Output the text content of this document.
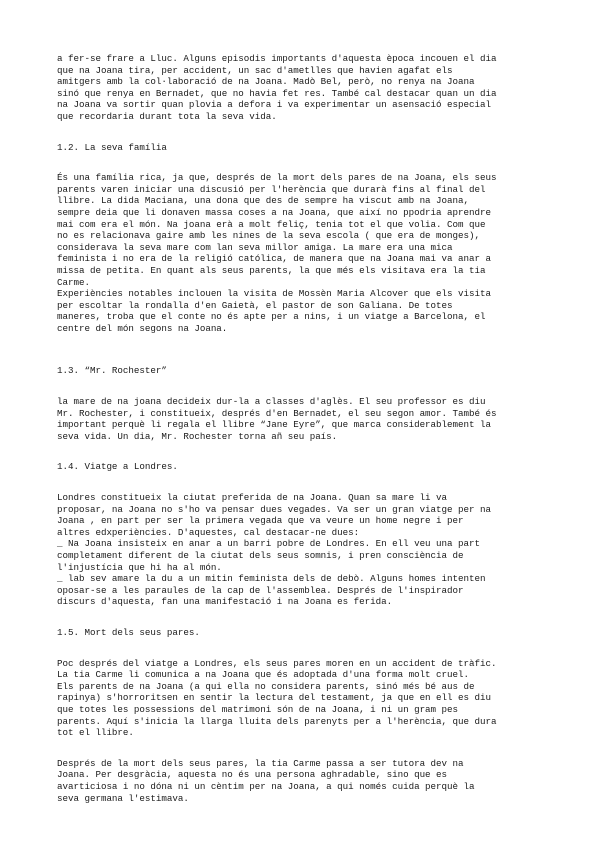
a fer-se frare a Lluc. Alguns episodis importants d'aquesta època incouen el dia
que na Joana tira, per accident, un sac d'ametlles que havien agafat els
amitgers amb la col·laboració de na Joana. Madò Bel, però, no renya na Joana
sinó que renya en Bernadet, que no havia fet res. També cal destacar quan un dia
na Joana va sortir quan plovia a defora i va experimentar un asensació especial
que recordaria durant tota la seva vida.
1.2. La seva família
És una família rica, ja que, després de la mort dels pares de na Joana, els seus
parents varen iniciar una discusió per l'herència que durarà fins al final del
llibre. La dida Maciana, una dona que des de sempre ha viscut amb na Joana,
sempre deia que li donaven massa coses a na Joana, que així no ppodria aprendre
mai com era el món. Na joana erà a molt feliç, tenia tot el que volia. Com que
no es relacionava gaire amb les nines de la seva escola ( que era de monges),
considerava la seva mare com lan seva millor amiga. La mare era una mica
feminista i no era de la religió católica, de manera que na Joana mai va anar a
missa de petita. En quant als seus parents, la que més els visitava era la tia
Carme.
Experiències notables inclouen la visita de Mossèn Maria Alcover que els visita
per escoltar la rondalla d'en Gaietà, el pastor de son Galiana. De totes
maneres, troba que el conte no és apte per a nins, i un viatge a Barcelona, el
centre del món segons na Joana.
1.3. “Mr. Rochester”
la mare de na joana decideix dur-la a classes d'aglès. El seu professor es diu
Mr. Rochester, i constitueix, després d'en Bernadet, el seu segon amor. També és
important perquè li regala el llibre “Jane Eyre”, que marca considerablement la
seva vida. Un dia, Mr. Rochester torna añ seu país.
1.4. Viatge a Londres.
Londres constitueix la ciutat preferida de na Joana. Quan sa mare li va
proposar, na Joana no s'ho va pensar dues vegades. Va ser un gran viatge per na
Joana , en part per ser la primera vegada que va veure un home negre i per
altres edxperiències. D'aquestes, cal destacar-ne dues:
_ Na Joana insisteix en anar a un barri pobre de Londres. En ell veu una part
completament diferent de la ciutat dels seus somnis, i pren consciència de
l'injustícia que hi ha al món.
_ lab sev amare la du a un mitin feminista dels de debò. Alguns homes intenten
oposar-se a les paraules de la cap de l'assemblea. Després de l'inspirador
discurs d'aquesta, fan una manifestació i na Joana es ferida.
1.5. Mort dels seus pares.
Poc després del viatge a Londres, els seus pares moren en un accident de tràfic.
La tia Carme li comunica a na Joana que és adoptada d'una forma molt cruel.
Els parents de na Joana (a qui ella no considera parents, sinó més bé aus de
rapinya) s'horroritsen en sentir la lectura del testament, ja que en ell es diu
que totes les possessions del matrimoni són de na Joana, i ni un gram pes
parents. Aquí s'inicia la llarga lluita dels parenyts per a l'herència, que dura
tot el llibre.
Després de la mort dels seus pares, la tia Carme passa a ser tutora dev na
Joana. Per desgràcia, aquesta no és una persona aghradable, sino que es
avarticiosa i no dóna ni un cèntim per na Joana, a qui només cuida perquè la
seva germana l'estimava.
